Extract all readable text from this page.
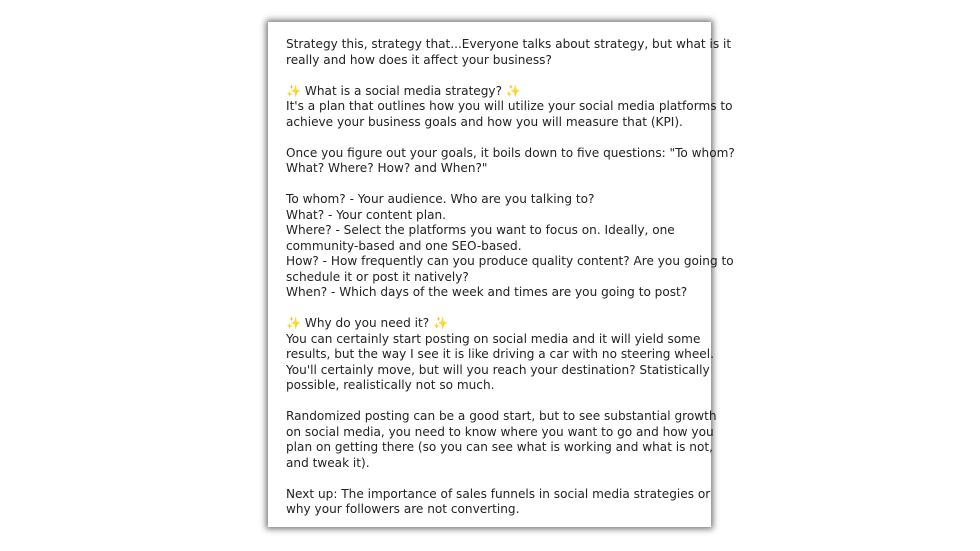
Strategy this, strategy that...Everyone talks about strategy, but what is it
really and how does it affect your business?

✨ What is a social media strategy? ✨
It's a plan that outlines how you will utilize your social media platforms to
achieve your business goals and how you will measure that (KPI).

Once you figure out your goals, it boils down to five questions: "To whom?
What? Where? How? and When?"

To whom? - Your audience. Who are you talking to?
What? - Your content plan.
Where? - Select the platforms you want to focus on. Ideally, one
community-based and one SEO-based.
How? - How frequently can you produce quality content? Are you going to
schedule it or post it natively?
When? - Which days of the week and times are you going to post?

✨ Why do you need it? ✨
You can certainly start posting on social media and it will yield some
results, but the way I see it is like driving a car with no steering wheel.
You'll certainly move, but will you reach your destination? Statistically
possible, realistically not so much.

Randomized posting can be a good start, but to see substantial growth
on social media, you need to know where you want to go and how you
plan on getting there (so you can see what is working and what is not,
and tweak it).

Next up: The importance of sales funnels in social media strategies or
why your followers are not converting.
